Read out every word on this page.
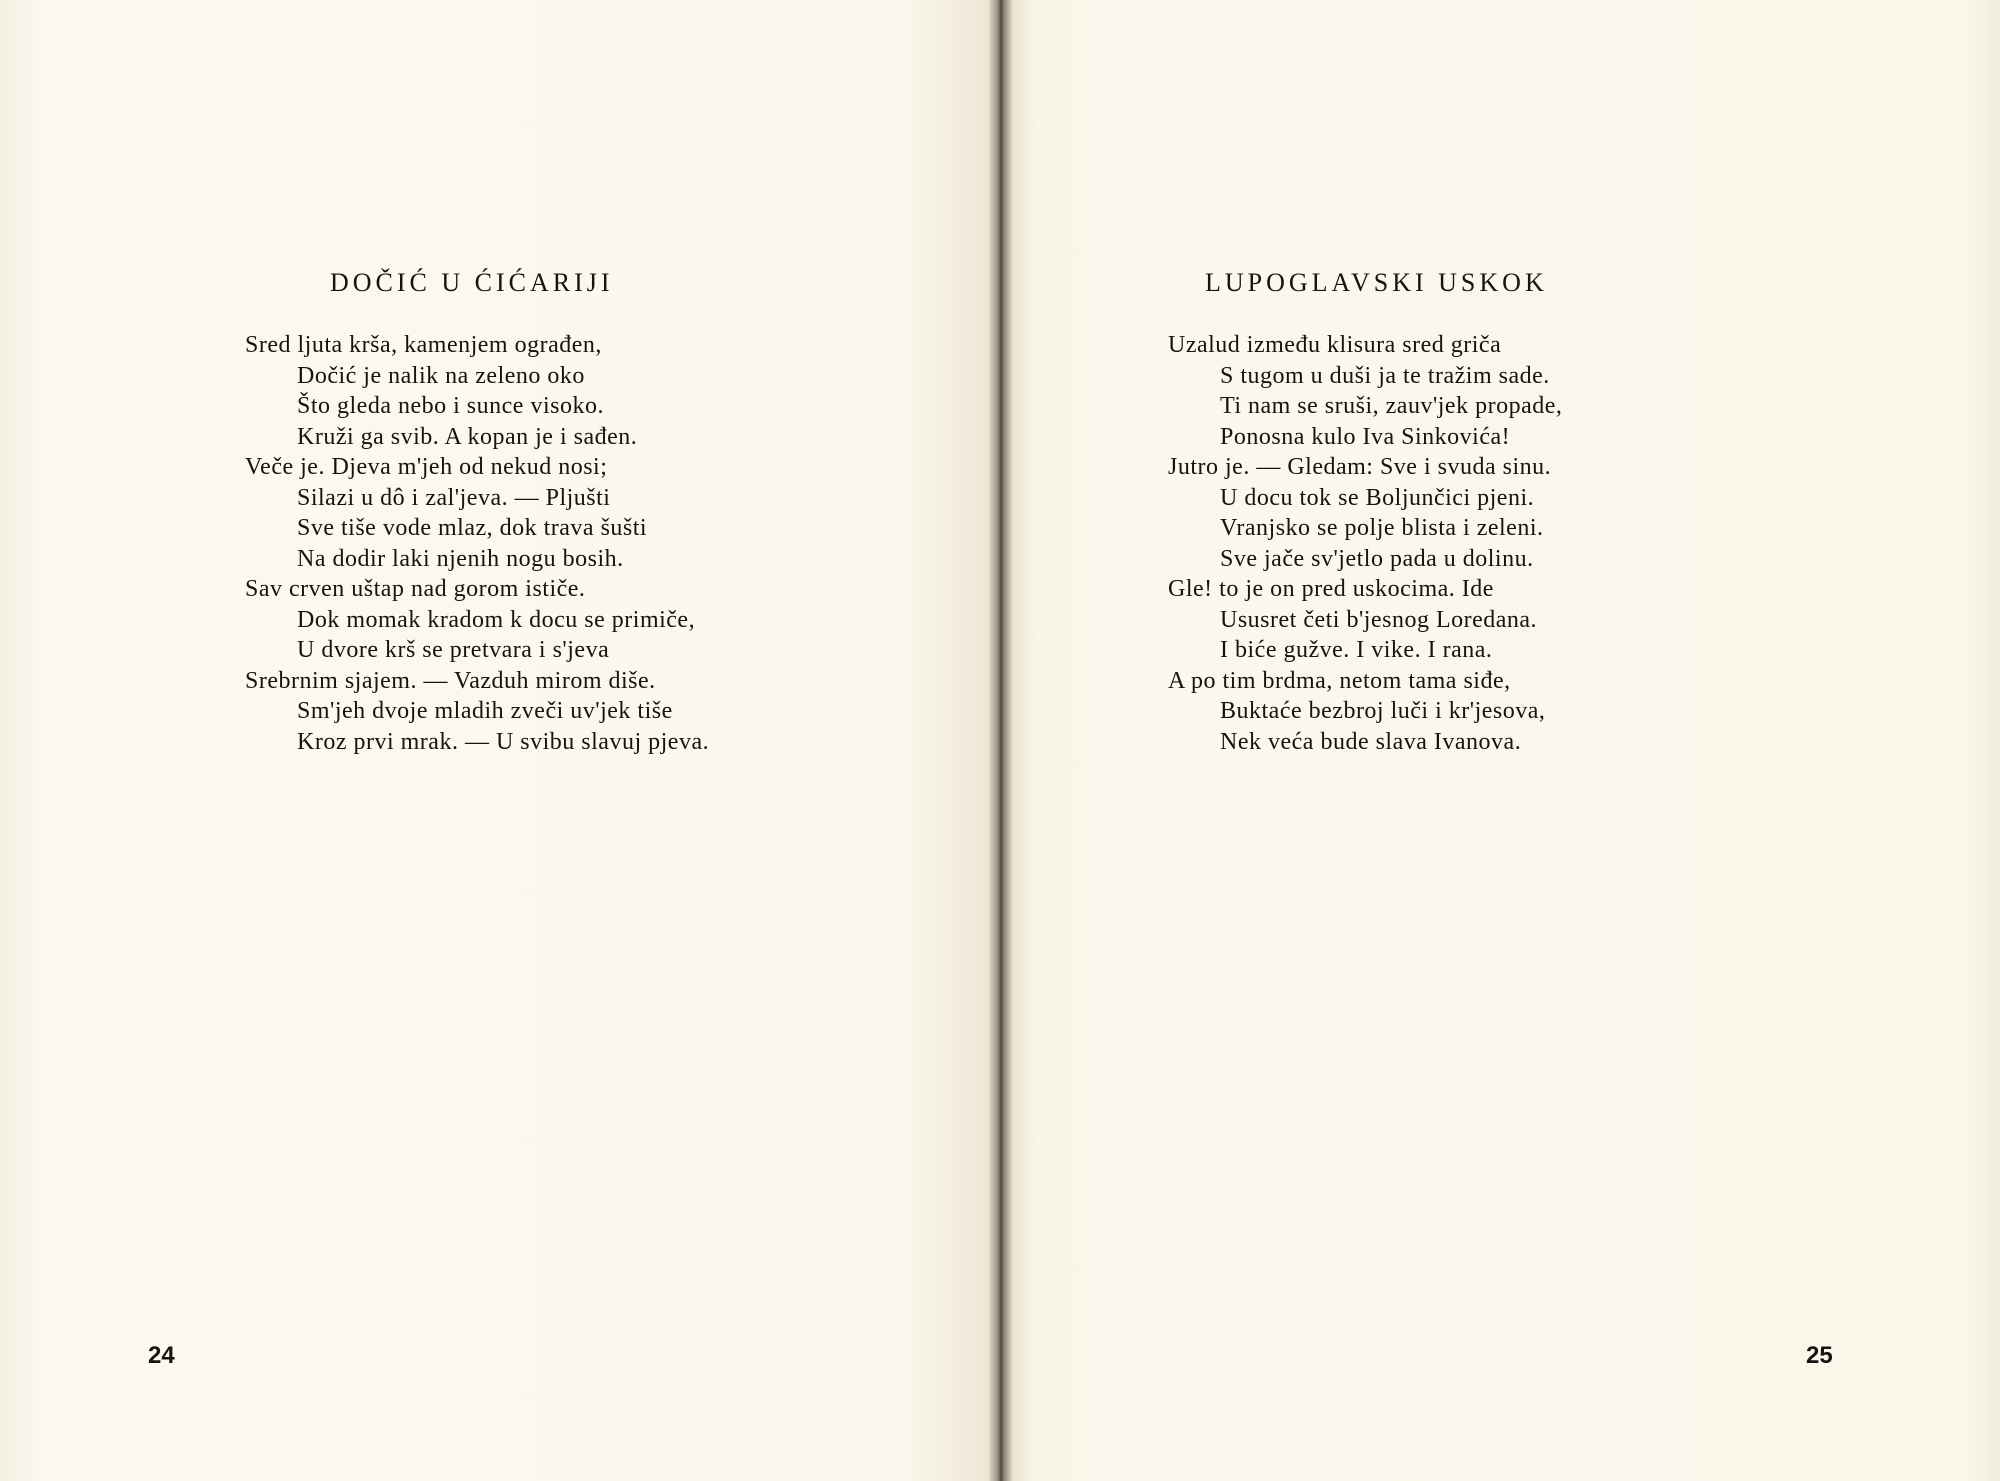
DOČIĆ U ĆIĆARIJI
Sred ljuta krša, kamenjem ograđen,
Dočić je nalik na zeleno oko
Što gleda nebo i sunce visoko.
Kruži ga svib. A kopan je i sađen.
Veče je. Djeva m'jeh od nekud nosi;
Silazi u dô i zal'jeva. — Pljušti
Sve tiše vode mlaz, dok trava šušti
Na dodir laki njenih nogu bosih.
Sav crven uštap nad gorom ističe.
Dok momak kradom k docu se primiče,
U dvore krš se pretvara i s'jeva
Srebrnim sjajem. — Vazduh mirom diše.
Sm'jeh dvoje mladih zveči uv'jek tiše
Kroz prvi mrak. — U svibu slavuj pjeva.
24
LUPOGLAVSKI USKOK
Uzalud između klisura sred griča
S tugom u duši ja te tražim sade.
Ti nam se sruši, zauv'jek propade,
Ponosna kulo Iva Sinkovića!
Jutro je. — Gledam: Sve i svuda sinu.
U docu tok se Boljunčici pjeni.
Vranjsko se polje blista i zeleni.
Sve jače sv'jetlo pada u dolinu.
Gle! to je on pred uskocima. Ide
Ususret četi b'jesnog Loredana.
I biće gužve. I vike. I rana.
A po tim brdma, netom tama siđe,
Buktaće bezbroj luči i kr'jesova,
Nek veća bude slava Ivanova.
25
